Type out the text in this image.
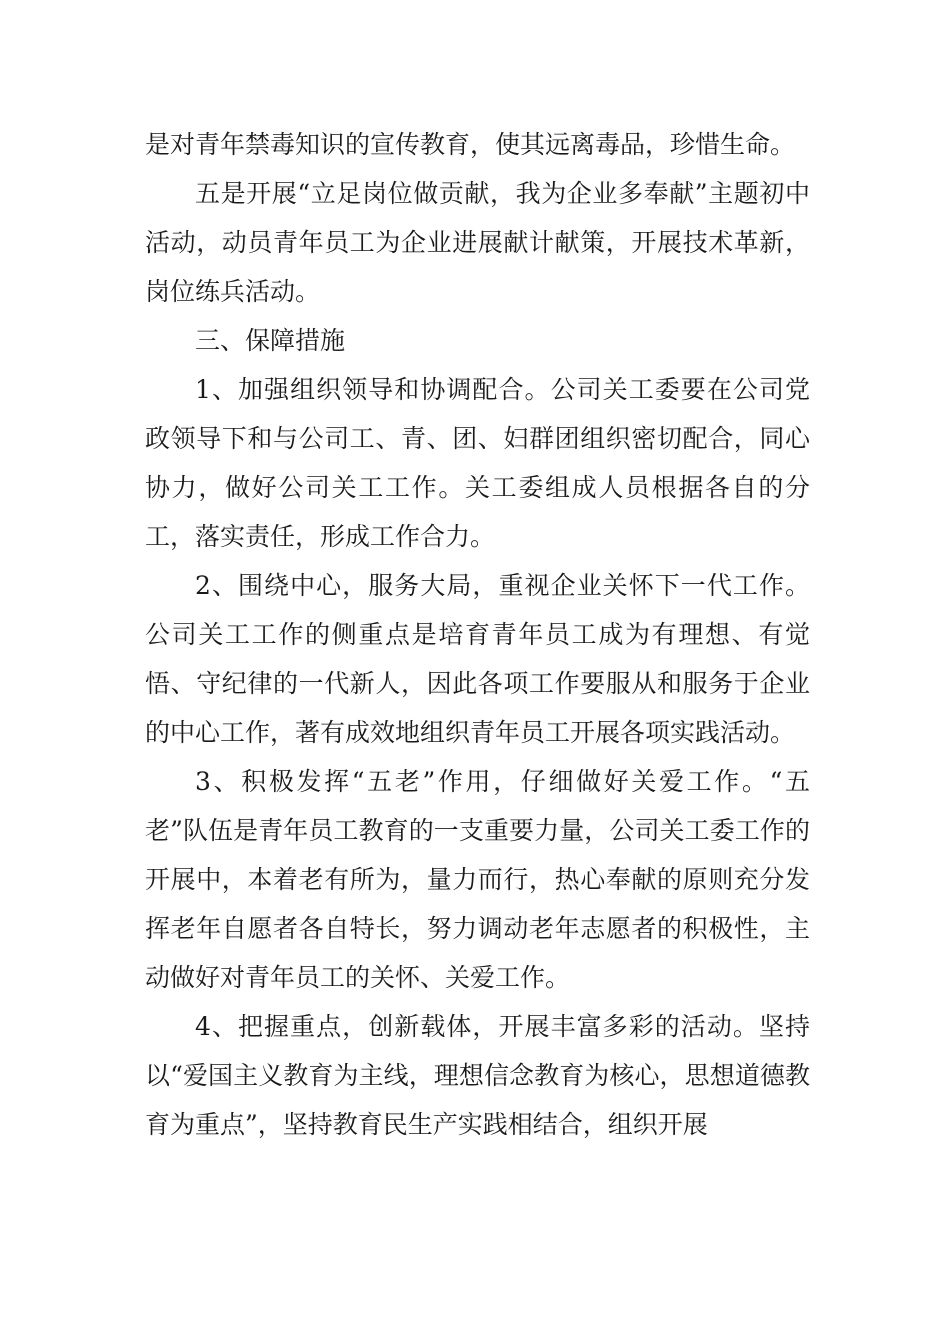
是对青年禁毒知识的宣传教育，使其远离毒品，珍惜生命。

五是开展“立足岗位做贡献，我为企业多奉献”主题初中活动，动员青年员工为企业进展献计献策，开展技术革新，岗位练兵活动。

三、保障措施

1、加强组织领导和协调配合。公司关工委要在公司党政领导下和与公司工、青、团、妇群团组织密切配合，同心协力，做好公司关工工作。关工委组成人员根据各自的分工，落实责任，形成工作合力。

2、围绕中心，服务大局，重视企业关怀下一代工作。公司关工工作的侧重点是培育青年员工成为有理想、有觉悟、守纪律的一代新人，因此各项工作要服从和服务于企业的中心工作，著有成效地组织青年员工开展各项实践活动。

3、积极发挥“五老”作用，仔细做好关爱工作。“五老”队伍是青年员工教育的一支重要力量，公司关工委工作的开展中，本着老有所为，量力而行，热心奉献的原则充分发挥老年自愿者各自特长，努力调动老年志愿者的积极性，主动做好对青年员工的关怀、关爱工作。

4、把握重点，创新载体，开展丰富多彩的活动。坚持以“爱国主义教育为主线，理想信念教育为核心，思想道德教育为重点”，坚持教育民生产实践相结合，组织开展
